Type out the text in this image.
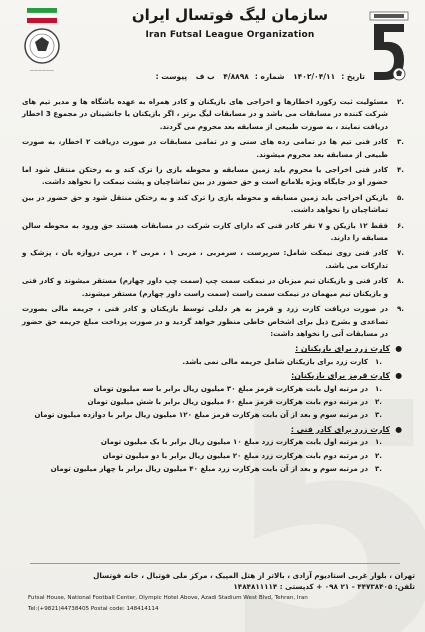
——————
سازمان لیگ فوتسال ایران
Iran Futsal League Organization
تاریخ :۱۴۰۲/۰۴/۱۱ شماره :۴/۸۸۹۸ ب ف پیوست :
.۲
مسئولیت ثبت رکورد اخطارها و اخراجی های بازیکنان و کادر همراه به عهده باشگاه ها و مدیر تیم های شرکت کننده در مسابقات می باشد و در مسابقات لیگ برتر ، اگر بازیکنان یا جانشینان در مجموع 3 اخطار دریافت نمایند ، به صورت طبیعی از مسابقه بعد محروم می گردند.
.۳
کادر فنی تیم ها در تمامی رده های سنی و در تمامی مسابقات در صورت دریافت ۲ اخطار، به صورت طبیعی از مسابقه بعد محروم میشوند.
.۴
کادر فنی اخراجی یا محروم باید زمین مسابقه و محوطه بازی را ترک کند و به رختکن منتقل شود اما حضور او در جایگاه ویژه بلامانع است و حق حضور در بین تماشاچیان و پشت نیمکت را نخواهد داشت.
.۵
بازیکن اخراجی باید زمین مسابقه و محوطه بازی را ترک کند و به رختکن منتقل شود و حق حضور در بین تماشاچیان را نخواهد داشت.
.۶
فقط ۱۲ بازیکن و ۷ نفر کادر فنی که دارای کارت شرکت در مسابقات هستند حق ورود به محوطه سالن مسابقه را دارند.
.۷
کادر فنی روی نیمکت شامل: سرپرست ، سرمربی ، مربی ۱ ، مربی ۲ ، مربی دروازه بان ، پزشک و تدارکات می باشد.
.۸
کادر فنی و بازیکنان تیم میزبان در نیمکت سمت چپ (سمت چپ داور چهارم) مستقر میشوند و کادر فنی و بازیکنان تیم میهمان در نیمکت سمت راست (سمت راست داور چهارم) مستقر میشوند.
.۹
در صورت دریافت کارت زرد و قرمز به هر دلیلی توسط بازیکنان و کادر فنی ، جریمه مالی بصورت تصاعدی و بشرح ذیل برای اشخاص خاطی منظور خواهد گردید و در صورت پرداخت مبلغ جریمه حق حضور در مسابقات آتی را نخواهد داشت:
●
کارت زرد برای بازیکنان :
.۱
کارت زرد برای بازیکنان شامل جریمه مالی نمی باشد.
●
کارت قرمز برای بازیکنان:
.۱
در مرتبه اول بابت هرکارت قرمز مبلغ ۳۰ میلیون ریال برابر با سه میلیون تومان
.۲
در مرتبه دوم بابت هرکارت قرمز مبلغ ۶۰ میلیون ریال برابر با شش میلیون تومان
.۳
در مرتبه سوم و بعد از آن بابت هرکارت قرمز مبلغ ۱۲۰ میلیون ریال برابر با دوازده میلیون تومان
●
کارت زرد برای کادر فنی :
.۱
در مرتبه اول بابت هرکارت زرد مبلغ ۱۰ میلیون ریال برابر با یک میلیون تومان
.۲
در مرتبه دوم بابت هرکارت زرد مبلغ ۲۰ میلیون ریال برابر با دو میلیون تومان
.۳
در مرتبه سوم و بعد از آن بابت هرکارت زرد مبلغ ۴۰ میلیون ریال برابر با چهار میلیون تومان
تهران ، بلوار غربی استادیوم آزادی ، بالاتر از هتل المپیک ، مرکز ملی فوتبال ، خانه فوتسال
تلفن: ۴۴۷۳۸۴۰۵ - ۲۱ ۰۹۸ + کدپستی : ۱۴۸۴۸۱۱۱۱۴
Futsal House, National Football Center, Olympic Hotel Above, Azadi Stadium West Blvd, Tehran, Iran
Tel:(+9821)44738405 Postal code: 148414114
